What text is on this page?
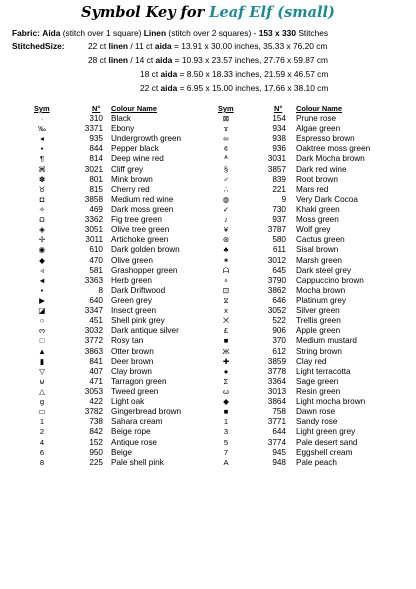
Symbol Key for Leaf Elf (small)
Fabric: Aida (stitch over 1 square) Linen (stitch over 2 squares) - 153 x 330 Stitches
StitchedSize:	22 ct linen / 11 ct aida = 13.91 x 30.00 inches, 35.33 x 76.20 cm
28 ct linen / 14 ct aida = 10.93 x 23.57 inches, 27.76 x 59.87 cm
18 ct aida = 8.50 x 18.33 inches, 21.59 x 46.57 cm
22 ct aida = 6.95 x 15.00 inches, 17.66 x 38.10 cm
Sym	N° Colour Name	Sym	N° Colour Name
·	310 Black	⊠	154 Prune rose
‰	3371 Ebony	ϫ	934 Algae green
◂	935 Undergrowth green	∞	938 Espresso brown
▪	844 Pepper black	¢	936 Oaktree moss green
¶	814 Deep wine red	ᴬ	3031 Dark Mocha brown
⌘	3021 Cliff grey	§	3857 Dark red wine
✽	801 Mink brown	♂	839 Root brown
♉	815 Cherry red	∴	221 Mars red
◘	3858 Medium red wine	◍	9 Very Dark Cocoa
✧	469 Dark moss green	✓	730 Khaki green
Ω	3362 Fig tree green	♪	937 Moss green
◈	3051 Olive tree green	¥	3787 Wolf grey
✢	3011 Artichoke green	⊛	580 Cactus green
◉	610 Dark golden brown	♣	611 Sisal brown
◆	470 Olive green	✶	3012 Marsh green
◃	581 Grashopper green	ᗩ	645 Dark steel grey
◄	3363 Herb green	∘	3790 Cappuccino brown
•	8 Dark Driftwood	⊡	3862 Mocha brown
▶	640 Green grey	⧖	646 Platinum grey
◪	3347 Insect green	x	3052 Silver green
○	451 Shell pink grey	⨉	522 Trellis green
ო	3032 Dark antique silver	£	906 Apple green
□	3772 Rosy tan	■	370 Medium mustard
▲	3863 Otter brown	Ж	612 String brown
▮	841 Deer brown	✚	3859 Clay red
▽	407 Clay brown	●	3778 Light terracotta
⊌	471 Tarragon green	Σ	3364 Sage green
△	3053 Tweed green	ω	3013 Resin green
g	422 Light oak	◆	3864 Light mocha brown
▭	3782 Gingerbread brown	■	758 Dawn rose
1	738 Sahara cream	1	3771 Sandy rose
2	842 Beige rope	3	644 Light green grey
4	152 Antique rose	5	3774 Pale desert sand
6	950 Beige	7	945 Eggshell cream
8	225 Pale shell pink	A	948 Pale peach
